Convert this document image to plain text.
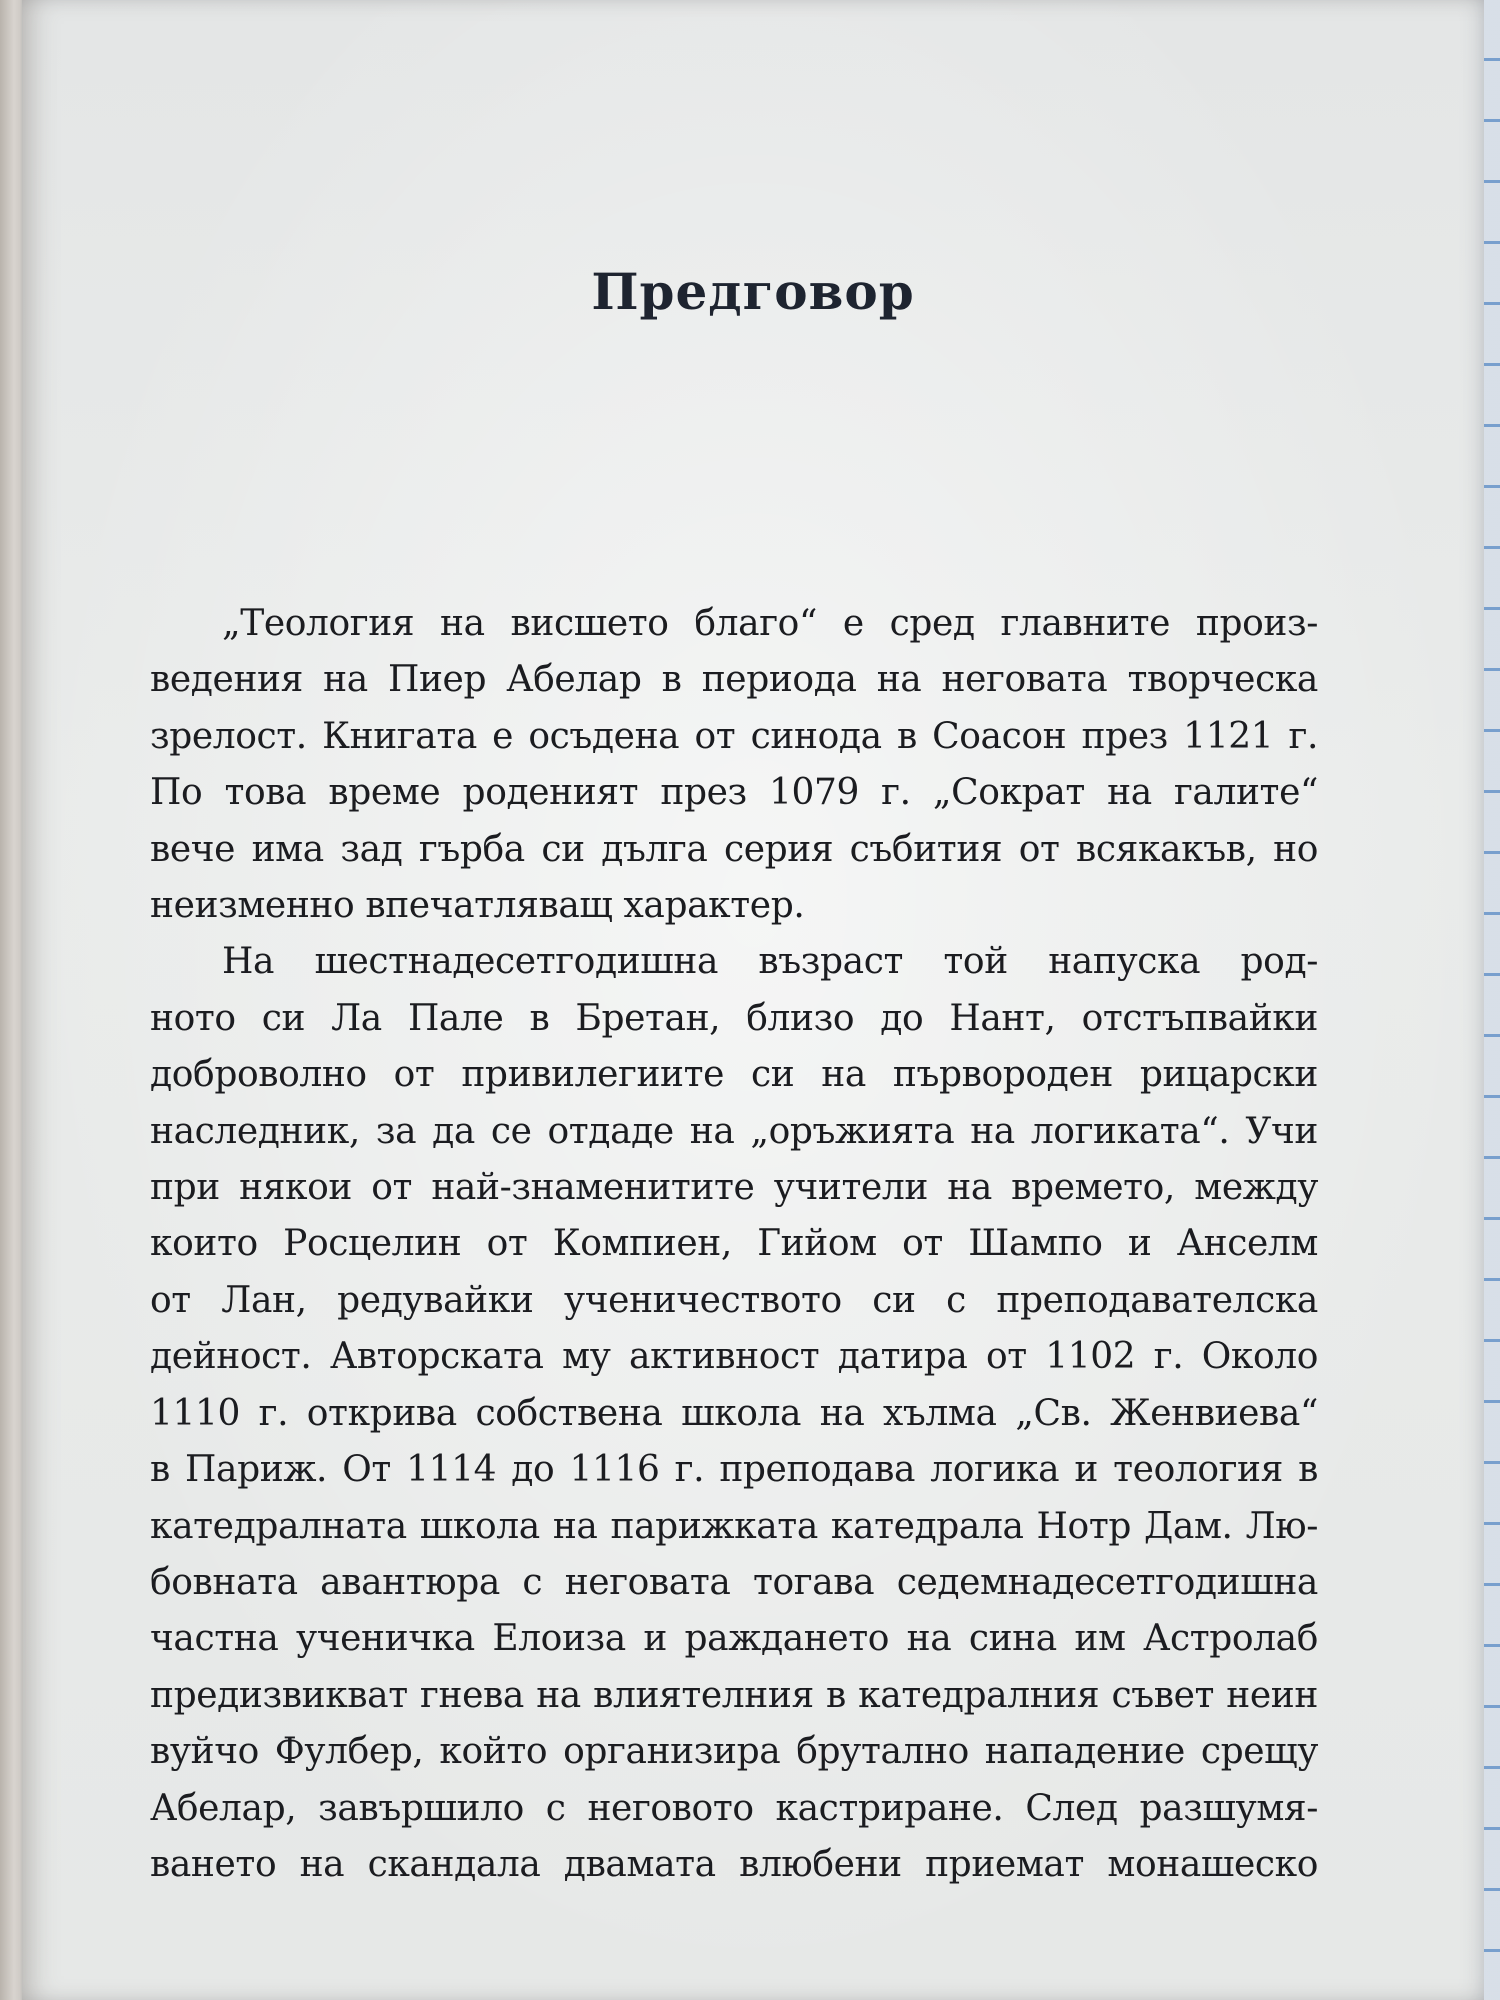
Предговор

„Теология на висшето благо“ е сред главните произ-
ведения на Пиер Абелар в периода на неговата творческа
зрелост. Книгата е осъдена от синода в Соасон през 1121 г.
По това време роденият през 1079 г. „Сократ на галите“
вече има зад гърба си дълга серия събития от всякакъв, но
неизменно впечатляващ характер.

На шестнадесетгодишна възраст той напуска род-
ното си Ла Пале в Бретан, близо до Нант, отстъпвайки
доброволно от привилегиите си на първороден рицарски
наследник, за да се отдаде на „оръжията на логиката“. Учи
при някои от най-знаменитите учители на времето, между
които Росцелин от Компиен, Гийом от Шампо и Анселм
от Лан, редувайки ученичеството си с преподавателска
дейност. Авторската му активност датира от 1102 г. Около
1110 г. открива собствена школа на хълма „Св. Женвиева“
в Париж. От 1114 до 1116 г. преподава логика и теология в
катедралната школа на парижката катедрала Нотр Дам. Лю-
бовната авантюра с неговата тогава седемнадесетгодишна
частна ученичка Елоиза и раждането на сина им Астролаб
предизвикват гнева на влиятелния в катедралния съвет неин
вуйчо Фулбер, който организира брутално нападение срещу
Абелар, завършило с неговото кастриране. След разшумя-
ването на скандала двамата влюбени приемат монашеско
